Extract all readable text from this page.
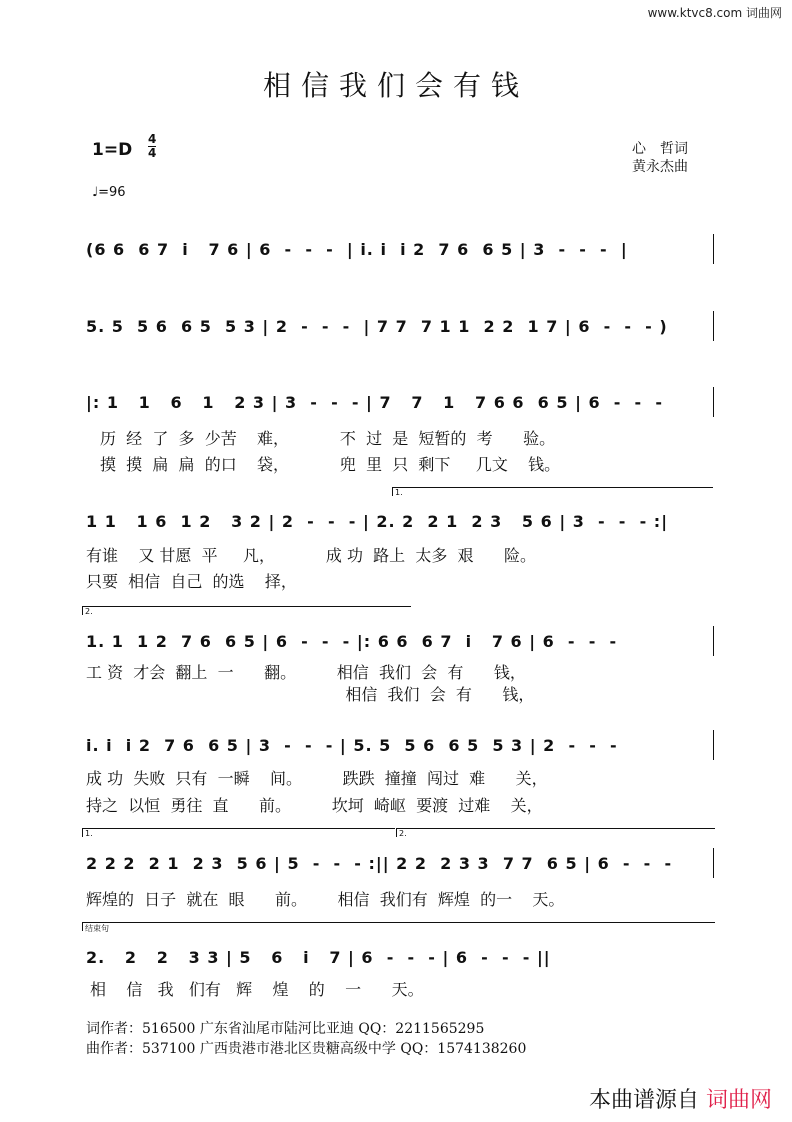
www.ktvc8.com 词曲网
相信我们会有钱
1=D
4
4	心　哲词
黄永杰曲
♩=96
(6 6  6 7  i   7 6 | 6  -  -  -  | i. i  i 2  7 6  6 5 | 3  -  -  -  |
5. 5  5 6  6 5  5 3 | 2  -  -  -  | 7 7  7 1 1  2 2  1 7 | 6  -  -  - )
|: 1   1   6   1   2 3 | 3  -  -  - | 7   7   1   7 6 6  6 5 | 6  -  -  -
历  经  了  多  少苦    难，          不  过  是  短暂的  考      验。
摸  摸  扁  扁  的口    袋，          兜  里  只  剩下     几文    钱。
1.
1 1   1 6  1 2   3 2 | 2  -  -  - | 2. 2  2 1  2 3   5 6 | 3  -  -  - :|
有谁    又 甘愿  平     凡，          成 功  路上  太多  艰      险。
只要  相信  自己  的选    择，
2.
1. 1  1 2  7 6  6 5 | 6  -  -  - |: 6 6  6 7  i   7 6 | 6  -  -  -
工 资  才会  翻上  一      翻。        相信  我们  会  有      钱，
相信  我们  会  有      钱，
i. i  i 2  7 6  6 5 | 3  -  -  - | 5. 5  5 6  6 5  5 3 | 2  -  -  -
成 功  失败  只有  一瞬    间。        跌跌  撞撞  闯过  难      关，
持之  以恒  勇往  直      前。        坎坷  崎岖  要渡  过难    关，
1.	2.
2 2 2  2 1  2 3  5 6 | 5  -  -  - :|| 2 2  2 3 3  7 7  6 5 | 6  -  -  -
辉煌的  日子  就在  眼      前。      相信  我们有  辉煌  的一    天。
结束句
2.   2   2   3 3 | 5   6   i   7 | 6  -  -  - | 6  -  -  - ||
相    信   我   们有   辉    煌    的    一      天。
词作者：516500 广东省汕尾市陆河比亚迪 QQ：2211565295
曲作者：537100 广西贵港市港北区贵糖高级中学 QQ：1574138260
本曲谱源自 词曲网
